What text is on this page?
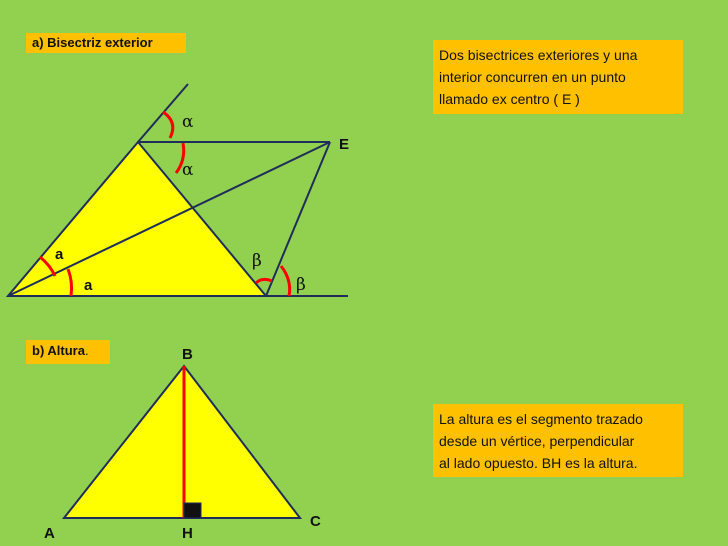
a) Bisectriz exterior
b) Altura.
Dos bisectrices exteriores y una
interior concurren en un punto
llamado ex centro ( E )
La altura es el segmento trazado
desde un vértice, perpendicular
al lado opuesto. BH es la altura.
α
α
β
β
a
a
E
B
A	H
C
